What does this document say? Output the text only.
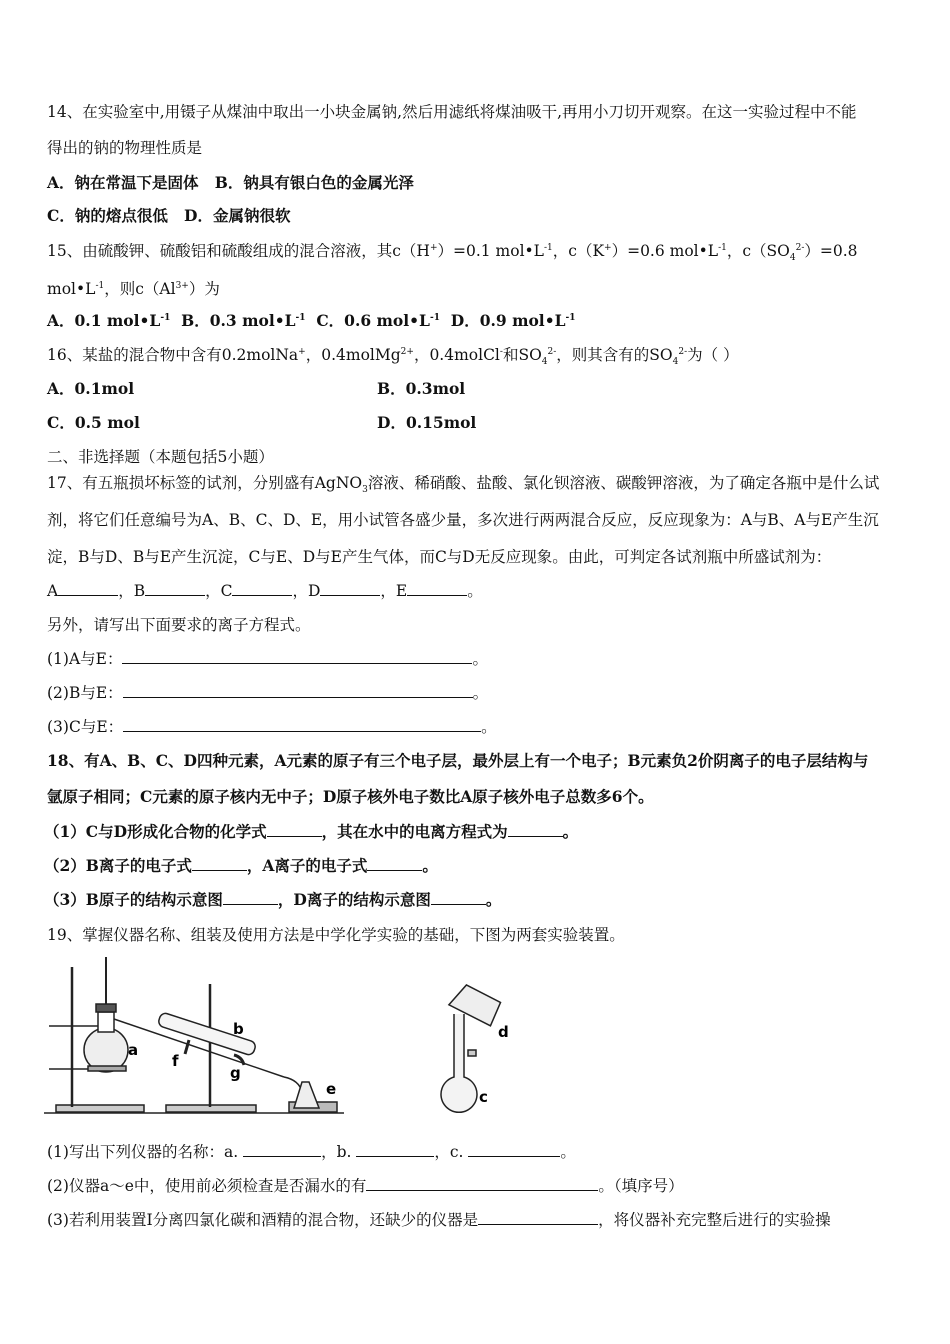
14、在实验室中,用镊子从煤油中取出一小块金属钠,然后用滤纸将煤油吸干,再用小刀切开观察。在这一实验过程中不能
得出的钠的物理性质是
A．钠在常温下是固体 B．钠具有银白色的金属光泽
C．钠的熔点很低 D．金属钠很软
15、由硫酸钾、硫酸铝和硫酸组成的混合溶液，其c（H+）=0.1 $mol•L^{-1}$，c（K+）=0.6 $mol•L^{-1}$，$c(SO_4^{2-})=0.8$
$mol•L^{-1}$，则$c(Al^{3+})$为
A．0.1 $mol•L^{-1}$ B．0.3 $mol•L^{-1}$ C．0.6 $mol•L^{-1}$ D．0.9 $mol•L^{-1}$
16、某盐的混合物中含有0.2molNa+，0.4molMg$^{2+}$，0.4molCl-和$SO_4^{2-}$，则其含有的$SO_4^{2-}$为（ ）
A．0.1mol	B．0.3mol
C．0.5 mol	D．0.15mol
二、非选择题（本题包括5小题）
17、有五瓶损坏标签的试剂，分别盛有AgNO$_3$溶液、稀硝酸、盐酸、氯化钡溶液、碳酸钾溶液，为了确定各瓶中是什么试
剂，将它们任意编号为A、B、C、D、E，用小试管各盛少量，多次进行两两混合反应，反应现象为：A与B、A与E产生沉
淀，B与D、B与E产生沉淀，C与E、D与E产生气体，而C与D无反应现象。由此，可判定各试剂瓶中所盛试剂为：
A	，B	，C	，D	，E	。
另外，请写出下面要求的离子方程式。
(1)A与E：	。
(2)B与E：	。
(3)C与E：	。
18、有A、B、C、D四种元素，A元素的原子有三个电子层，最外层上有一个电子；B元素负2价阴离子的电子层结构与
氩原子相同；C元素的原子核内无中子；D原子核外电子数比A原子核外电子总数多6个。
（1）C与D形成化合物的化学式	，其在水中的电离方程式为	。
（2）B离子的电子式	，A离子的电子式	。
（3）B原子的结构示意图	，D离子的结构示意图	。
19、掌握仪器名称、组装及使用方法是中学化学实验的基础，下图为两套实验装置。
a
b
f
g
e
d
c
(1)写出下列仪器的名称：a.	，b.	，c.	。
(2)仪器a～e中，使用前必须检查是否漏水的有	。（填序号）
(3)若利用装置Ⅰ分离四氯化碳和酒精的混合物，还缺少的仪器是	，将仪器补充完整后进行的实验操
